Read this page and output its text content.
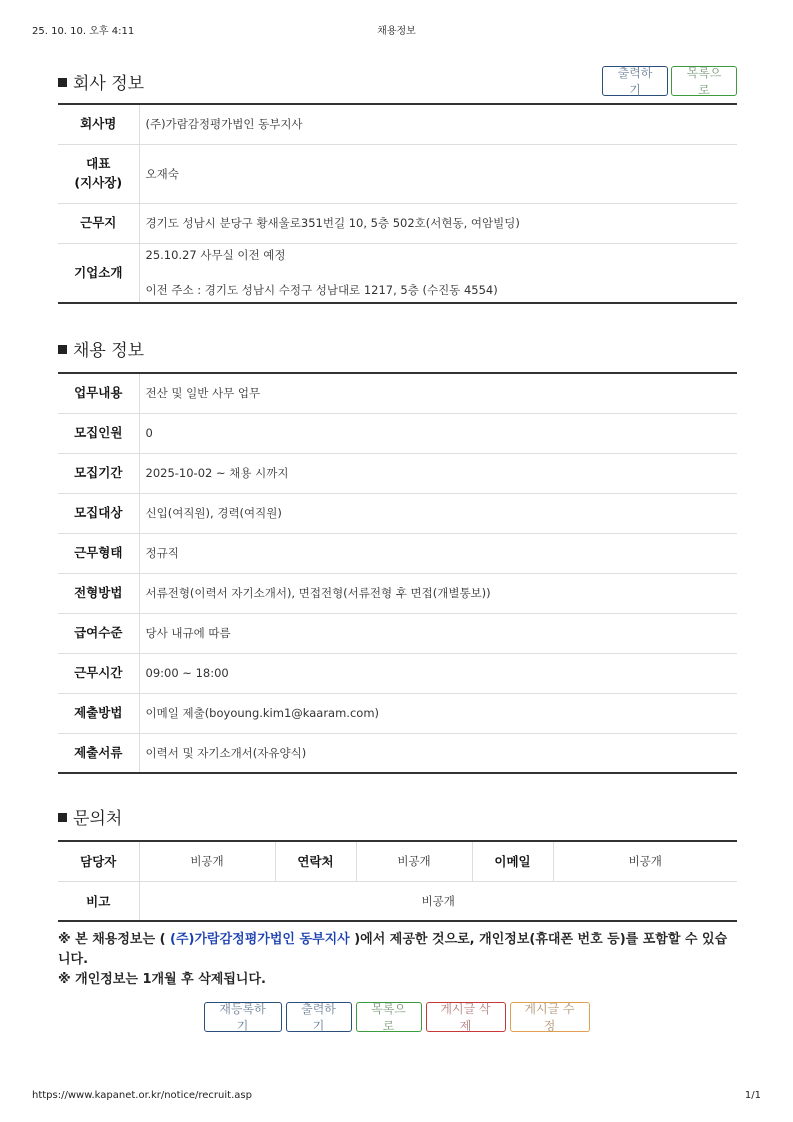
25. 10. 10. 오후 4:11	채용정보
회사 정보
출력하기
목록으로
회사명	(주)가람감정평가법인 동부지사
대표
(지사장)	오재숙
근무지	경기도 성남시 분당구 황새울로351번길 10, 5층 502호(서현동, 여암빌딩)
기업소개	25.10.27 사무실 이전 예정
이전 주소 : 경기도 성남시 수정구 성남대로 1217, 5층 (수진동 4554)
채용 정보
업무내용	전산 및 일반 사무 업무
모집인원	0
모집기간	2025-10-02 ~ 채용 시까지
모집대상	신입(여직원), 경력(여직원)
근무형태	정규직
전형방법	서류전형(이력서 자기소개서), 면접전형(서류전형 후 면접(개별통보))
급여수준	당사 내규에 따름
근무시간	09:00 ~ 18:00
제출방법	이메일 제출(boyoung.kim1@kaaram.com)
제출서류	이력서 및 자기소개서(자유양식)
문의처
담당자	비공개	연락처	비공개	이메일	비공개
비고	비공개				
※ 본 채용정보는 ( (주)가람감정평가법인 동부지사 )에서 제공한 것으로, 개인정보(휴대폰 번호 등)를 포함할 수 있습니다.
※ 개인정보는 1개월 후 삭제됩니다.
재등록하기
출력하기
목록으로
게시글 삭제
게시글 수정
https://www.kapanet.or.kr/notice/recruit.asp	1/1
